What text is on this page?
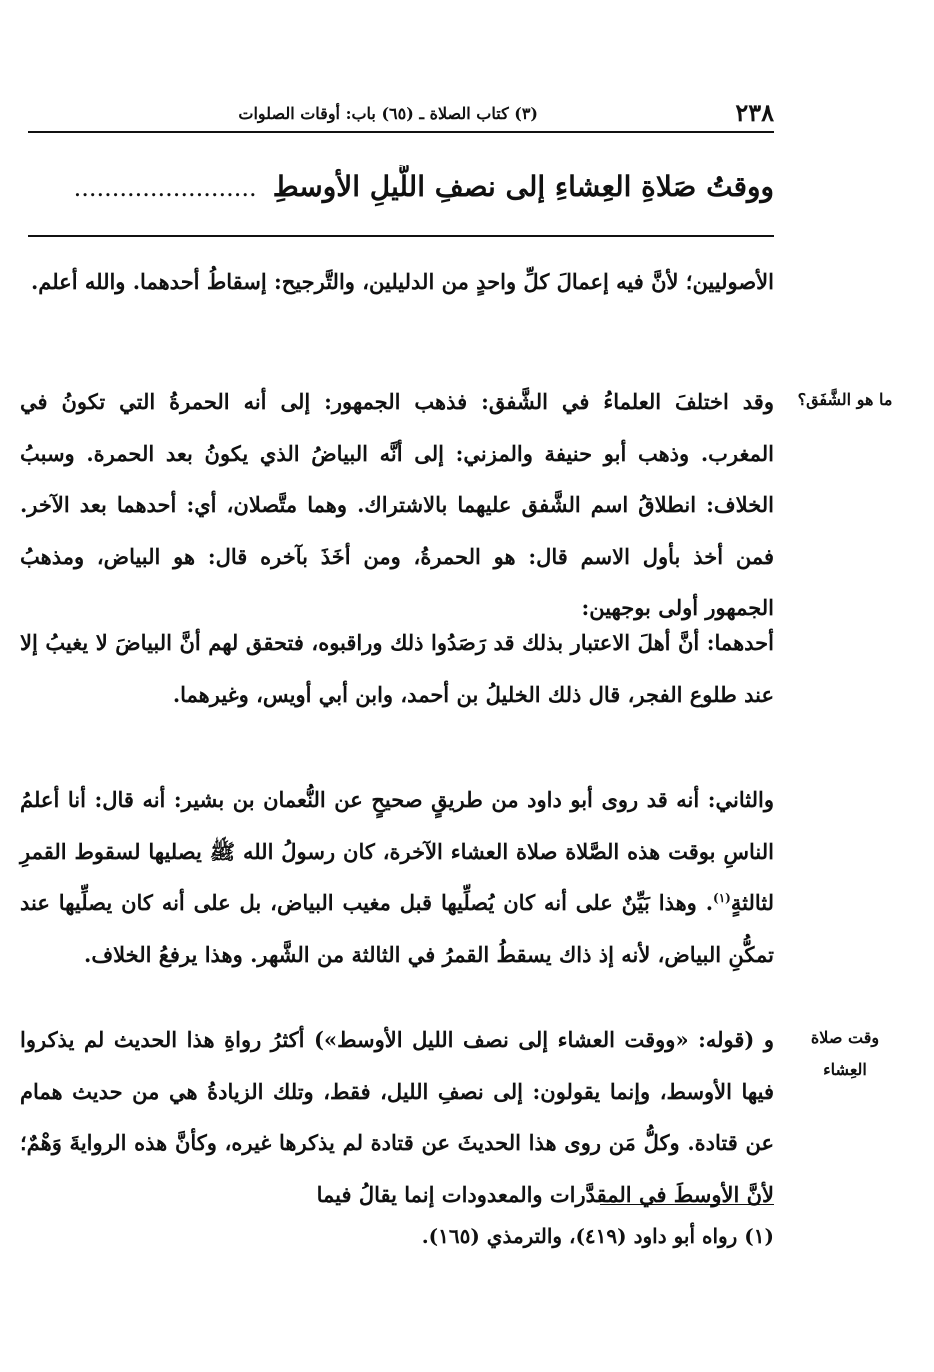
٢٣٨
(٣) كتاب الصلاة ـ (٦٥) باب: أوقات الصلوات
ووقتُ صَلاةِ العِشاءِ إلى نصفِ اللَّيلِ الأوسطِ........................

الأصوليين؛ لأنَّ فيه إعمالَ كلِّ واحدٍ من الدليلين، والتَّرجيح: إسقاطُ أحدهما. والله أعلم.

ما هو الشَّفَق؟

وقد اختلفَ العلماءُ في الشَّفق: فذهب الجمهور: إلى أنه الحمرةُ التي تكونُ في المغرب. وذهب أبو حنيفة والمزني: إلى أنَّه البياضُ الذي يكونُ بعد الحمرة. وسببُ الخلاف: انطلاقُ اسم الشَّفق عليهما بالاشتراك. وهما متَّصلان، أي: أحدهما بعد الآخر. فمن أخذ بأول الاسم قال: هو الحمرةُ، ومن أخَذَ بآخره قال: هو البياض، ومذهبُ الجمهور أولى بوجهين:

أحدهما: أنَّ أهلَ الاعتبار بذلك قد رَصَدُوا ذلك وراقبوه، فتحقق لهم أنَّ البياضَ لا يغيبُ إلا عند طلوع الفجر، قال ذلك الخليلُ بن أحمد، وابن أبي أويس، وغيرهما.

والثاني: أنه قد روى أبو داود من طريقٍ صحيحٍ عن النُّعمان بن بشير: أنه قال: أنا أعلمُ الناسِ بوقت هذه الصَّلاة صلاة العشاء الآخرة، كان رسولُ الله ﷺ يصليها لسقوط القمرِ لثالثةٍ$^{(١)}$. وهذا بَيِّنٌ على أنه كان يُصلِّيها قبل مغيب البياض، بل على أنه كان يصلِّيها عند تمكُّنِ البياض، لأنه إذ ذاك يسقطُ القمرُ في الثالثة من الشَّهر. وهذا يرفعُ الخلاف.

وقت صلاة العِشاء

و (قوله: «ووقت العشاء إلى نصف الليل الأوسط») أكثرُ رواةِ هذا الحديث لم يذكروا فيها الأوسط، وإنما يقولون: إلى نصفِ الليل، فقط، وتلك الزيادةُ هي من حديث همام عن قتادة. وكلُّ مَن روى هذا الحديثَ عن قتادة لم يذكرها غيره، وكأنَّ هذه الروايةَ وَهْمٌ؛ لأنَّ الأوسطَ في المقدَّرات والمعدودات إنما يقالُ فيما

(١) رواه أبو داود (٤١٩)، والترمذي (١٦٥).
